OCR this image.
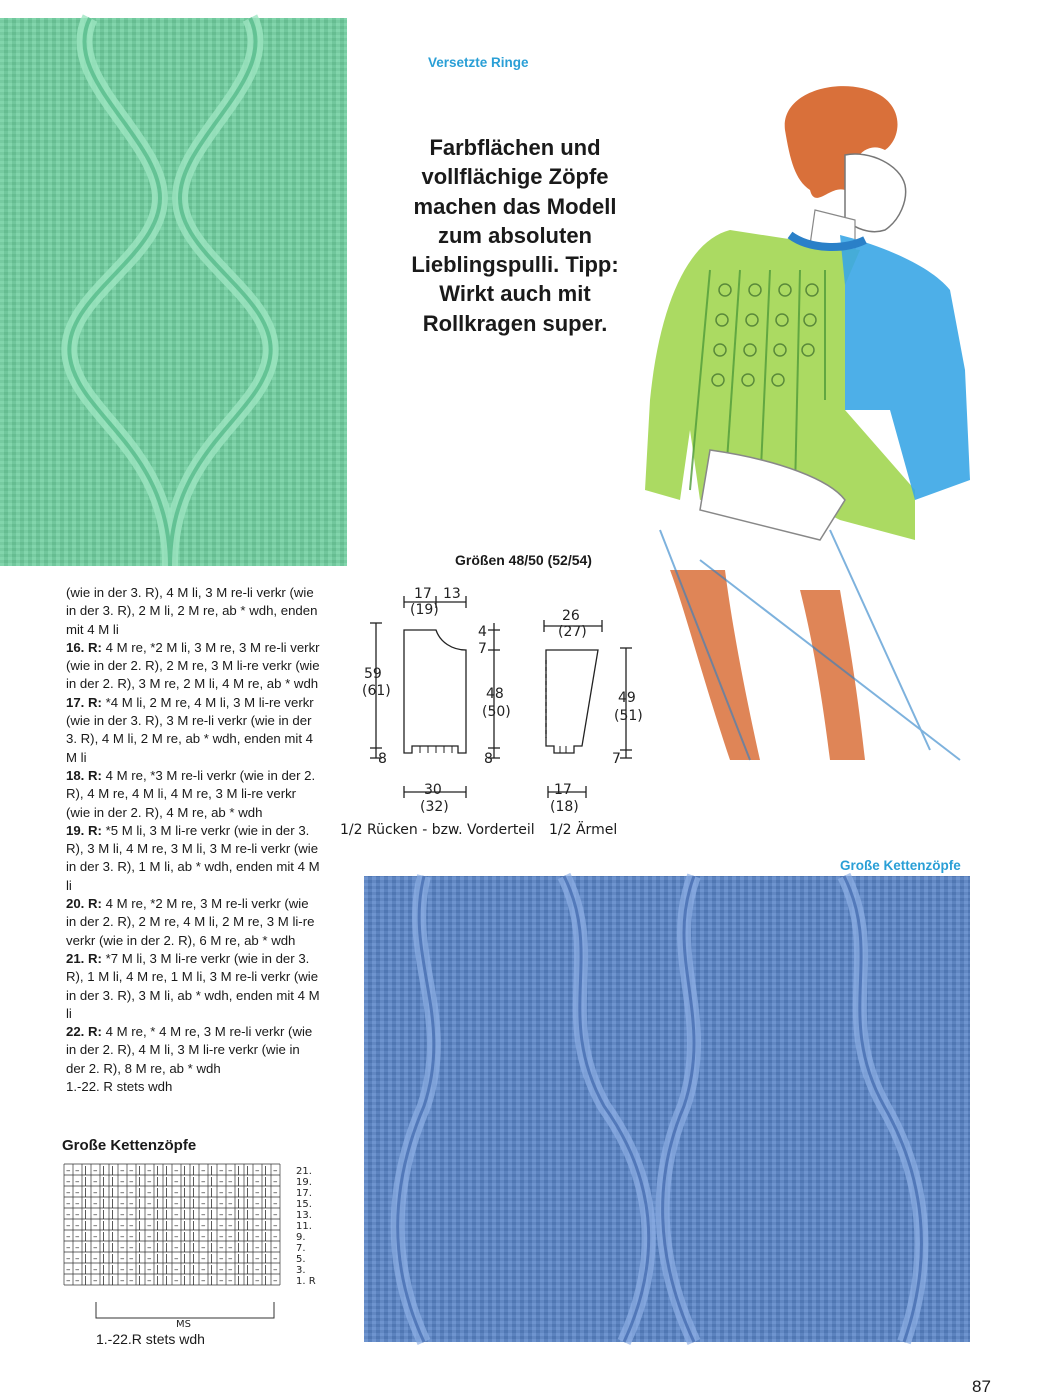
Versetzte Ringe
Farbflächen und
vollflächige Zöpfe
machen das Modell
zum absoluten
Lieblingspulli. Tipp:
Wirkt auch mit
Rollkragen super.

(wie in der 3. R), 4 M li, 3 M re-li verkr (wie in der 3. R), 2 M li, 2 M re, ab * wdh, enden mit 4 M li

16. R: 4 M re, *2 M li, 3 M re, 3 M re-li verkr (wie in der 2. R), 2 M re, 3 M li-re verkr (wie in der 2. R), 3 M re, 2 M li, 4 M re, ab * wdh

17. R: *4 M li, 2 M re, 4 M li, 3 M li-re verkr (wie in der 3. R), 3 M re-li verkr (wie in der 3. R), 4 M li, 2 M re, ab * wdh, enden mit 4 M li

18. R: 4 M re, *3 M re-li verkr (wie in der 2. R), 4 M re, 4 M li, 4 M re, 3 M li-re verkr (wie in der 2. R), 4 M re, ab * wdh

19. R: *5 M li, 3 M li-re verkr (wie in der 3. R), 3 M li, 4 M re, 3 M li, 3 M re-li verkr (wie in der 3. R), 1 M li, ab * wdh, enden mit 4 M li

20. R: 4 M re, *2 M re, 3 M re-li verkr (wie in der 2. R), 2 M re, 4 M li, 2 M re, 3 M li-re verkr (wie in der 2. R), 6 M re, ab * wdh

21. R: *7 M li, 3 M li-re verkr (wie in der 3. R), 1 M li, 4 M re, 1 M li, 3 M re-li verkr (wie in der 3. R), 3 M li, ab * wdh, enden mit 4 M li

22. R: 4 M re, * 4 M re, 3 M re-li verkr (wie in der 2. R), 4 M li, 3 M li-re verkr (wie in der 2. R), 8 M re, ab * wdh

1.-22. R stets wdh

Größen 48/50 (52/54)
17
(19)
13
59
(61)
4
7
48
(50)
8	8
30
(32)
26
(27)
49
(51)
7
17
(18)
1/2 Rücken - bzw. Vorderteil 1/2 Ärmel
Große Kettenzöpfe
– – | – | | – – | – | | – | | – | – – | | – | –
– – | – | | – – | – | | – | | – | – – | | – | –
– – | – | | – – | – | | – | | – | – – | | – | –
– – | – | | – – | – | | – | | – | – – | | – | –
– – | – | | – – | – | | – | | – | – – | | – | –
– – | – | | – – | – | | – | | – | – – | | – | –
– – | – | | – – | – | | – | | – | – – | | – | –
– – | – | | – – | – | | – | | – | – – | | – | –
– – | – | | – – | – | | – | | – | – – | | – | –
– – | – | | – – | – | | – | | – | – – | | – | –
– – | – | | – – | – | | – | | – | – – | | – | –
21.
19.
17.
15.
13.
11.
9.
7.
5.
3.
1. R
MS
1.-22.R stets wdh
Große Kettenzöpfe
87
